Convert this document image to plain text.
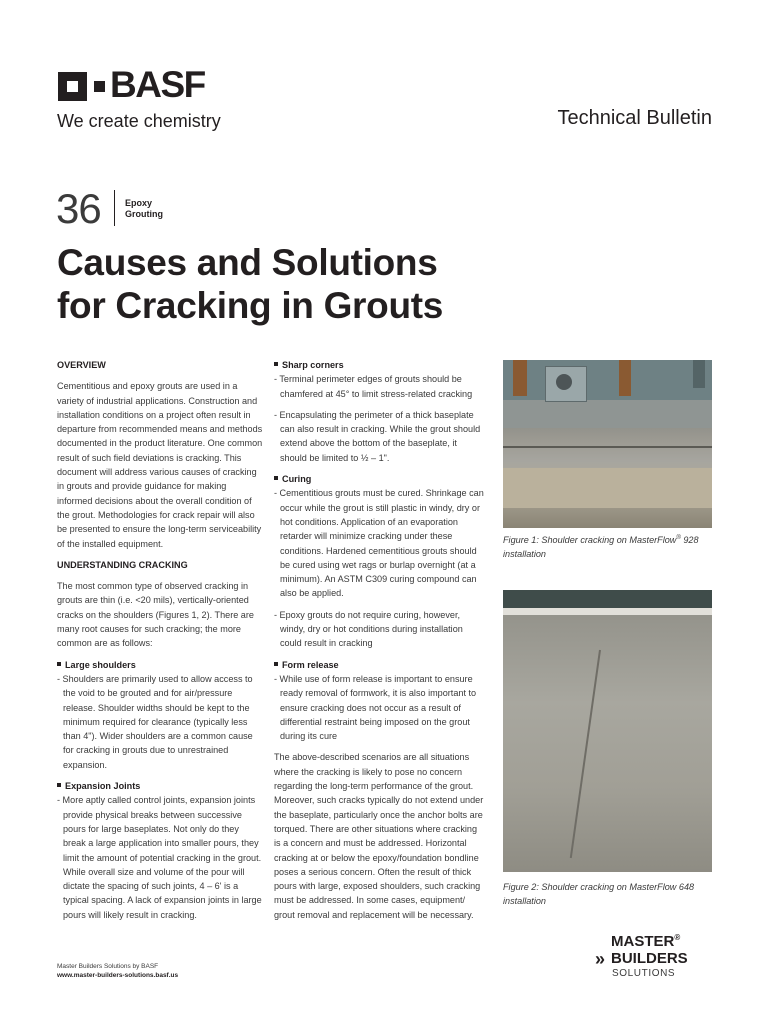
BASF
We create chemistry	Technical Bulletin
36	Epoxy
Grouting
Causes and Solutions
for Cracking in Grouts
OVERVIEW

Cementitious and epoxy grouts are used in a variety of industrial applications. Construction and installation conditions on a project often result in departure from recommended means and methods documented in the product literature. One common result of such field deviations is cracking. This document will address various causes of cracking in grouts and provide guidance for making informed decisions about the overall condition of the grout. Methodologies for crack repair will also be presented to ensure the long-term serviceability of the installed equipment.

UNDERSTANDING CRACKING

The most common type of observed cracking in grouts are thin (i.e. <20 mils), vertically-oriented cracks on the shoulders (Figures 1, 2). There are many root causes for such cracking; the more common are as follows:

Large shoulders
- Shoulders are primarily used to allow access to the void to be grouted and for air/pressure release. Shoulder widths should be kept to the minimum required for clearance (typically less than 4"). Wider shoulders are a common cause for cracking in grouts due to unrestrained expansion.
Expansion Joints
- More aptly called control joints, expansion joints provide physical breaks between successive pours for large baseplates. Not only do they break a large application into smaller pours, they limit the amount of potential cracking in the grout. While overall size and volume of the pour will dictate the spacing of such joints, 4 – 6' is a typical spacing. A lack of expansion joints in large pours will likely result in cracking.
Sharp corners
- Terminal perimeter edges of grouts should be chamfered at 45° to limit stress-related cracking
- Encapsulating the perimeter of a thick baseplate can also result in cracking. While the grout should extend above the bottom of the baseplate, it should be limited to ½ – 1".
Curing
- Cementitious grouts must be cured. Shrinkage can occur while the grout is still plastic in windy, dry or hot conditions. Application of an evaporation retarder will minimize cracking under these conditions. Hardened cementitious grouts should be cured using wet rags or burlap overnight (at a minimum). An ASTM C309 curing compound can also be applied.
- Epoxy grouts do not require curing, however, windy, dry or hot conditions during installation could result in cracking
Form release
- While use of form release is important to ensure ready removal of formwork, it is also important to ensure cracking does not occur as a result of differential restraint being imposed on the grout during its cure

The above-described scenarios are all situations where the cracking is likely to pose no concern regarding the long-term performance of the grout. Moreover, such cracks typically do not extend under the baseplate, particularly once the anchor bolts are torqued. There are other situations where cracking is a concern and must be addressed. Horizontal cracking at or below the epoxy/foundation bondline poses a serious concern. Often the result of thick pours with large, exposed shoulders, such cracking must be addressed. In some cases, equipment/ grout removal and replacement will be necessary.

Figure 1: Shoulder cracking on MasterFlow® 928 installation
Figure 2: Shoulder cracking on MasterFlow 648 installation
Master Builders Solutions by BASF
www.master-builders-solutions.basf.us
MASTER®
» BUILDERS
SOLUTIONS
